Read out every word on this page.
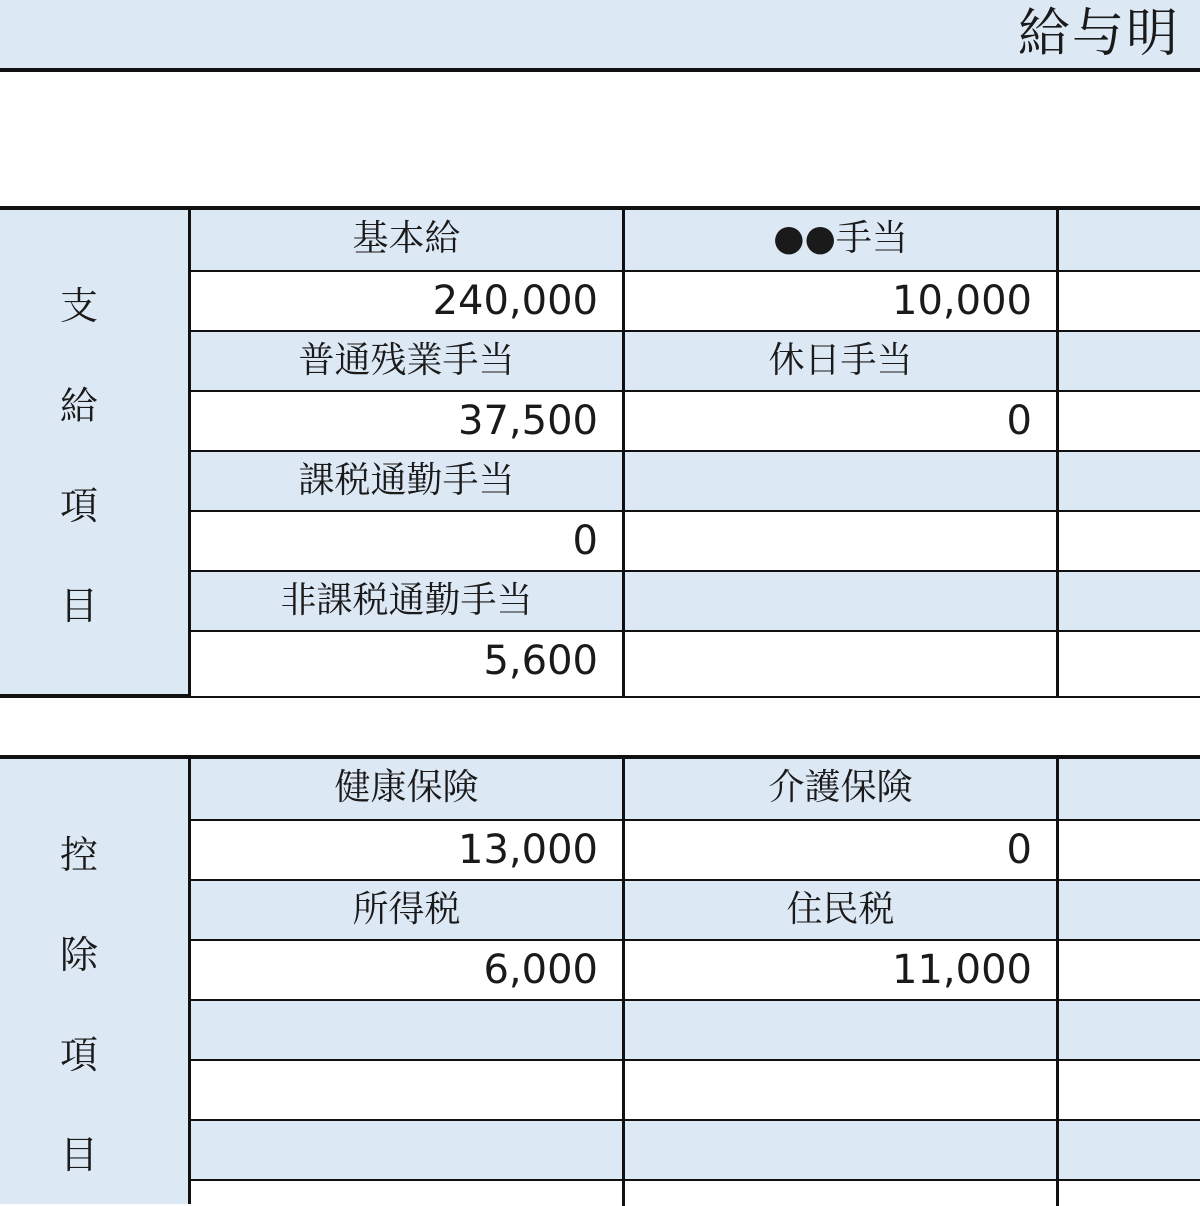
給与明
支
給
項
目
基本給	●●手当
240,000	10,000
普通残業手当	休日手当
37,500	0
課税通勤手当
0
非課税通勤手当
5,600
控
除
項
目
健康保険	介護保険
13,000	0
所得税	住民税
6,000	11,000
